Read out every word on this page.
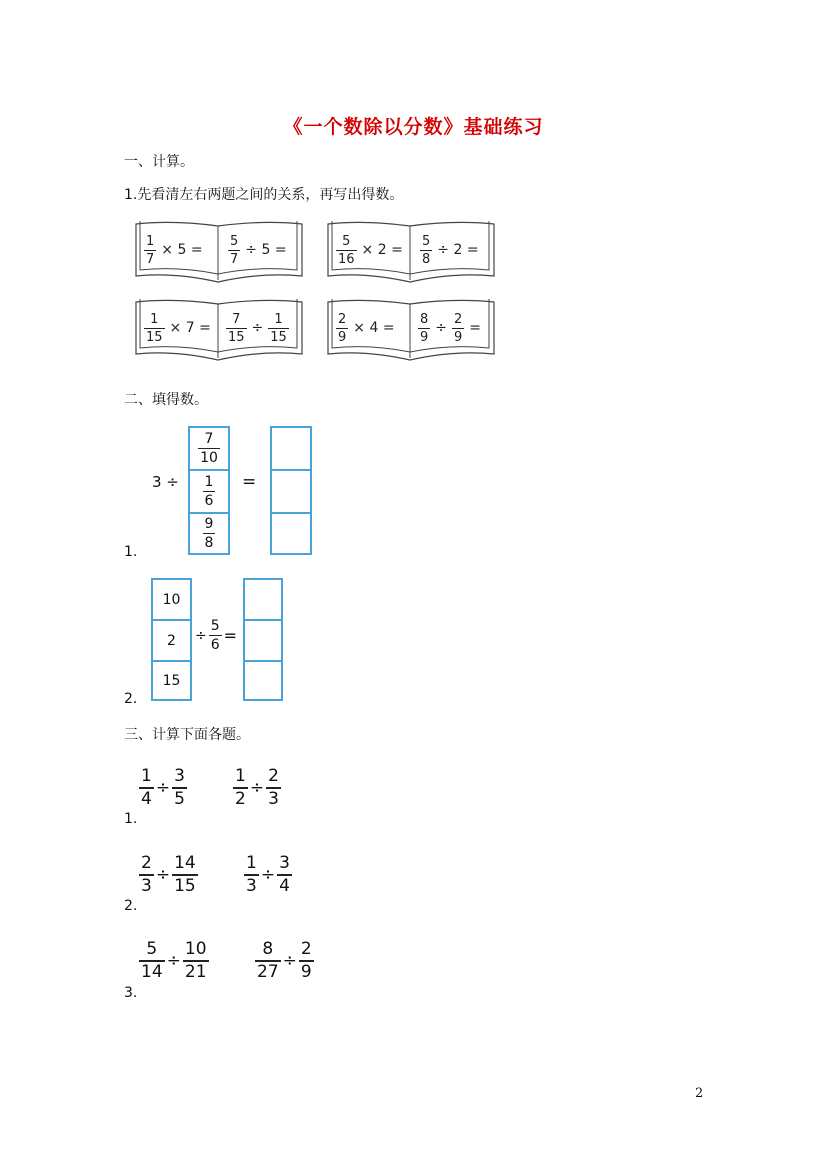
《一个数除以分数》基础练习
一、计算。
1.先看清左右两题之间的关系，再写出得数。
$\frac{1}{7} \times 5 = \frac{5}{7} \div 5$ =	$\frac{5}{16} \times 2 = \frac{5}{8} \div 2$ =
$\frac{1}{15} \times 7 = \frac{7}{15} \div \frac{1}{15}$	$\frac{2}{9} \times 4 = \frac{8}{9} \div \frac{2}{9}$ =
二、填得数。
3 ÷
$\frac{7}{10}$
$\frac{1}{6}$
$\frac{9}{8}$
=
1.
10
2
15
÷ $\frac{5}{6}$ =
2.
三、计算下面各题。
$\frac{1}{4} \div \frac{3}{5}$	$\frac{1}{2} \div \frac{2}{3}$
1.
$\frac{2}{3} \div \frac{14}{15}$	$\frac{1}{3} \div \frac{3}{4}$
2.
$\frac{5}{14} \div \frac{10}{21}$	$\frac{8}{27} \div \frac{2}{9}$
3.
2
